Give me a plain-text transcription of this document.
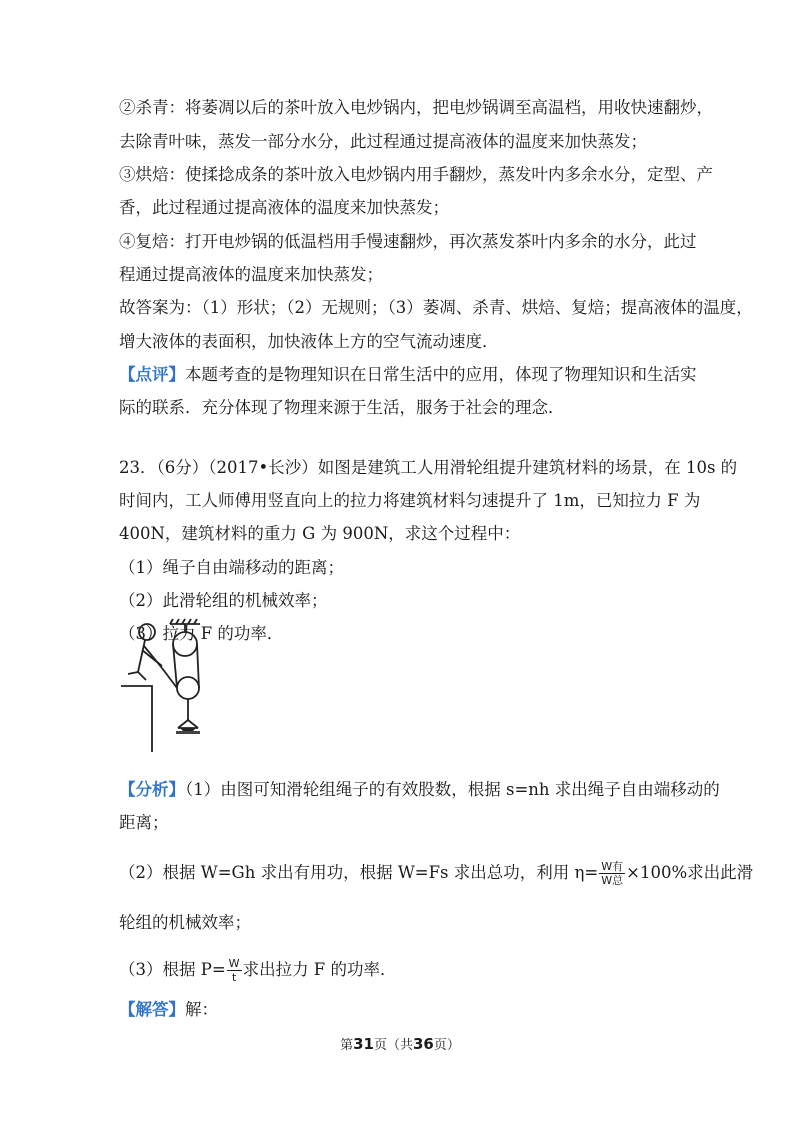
②杀青：将萎凋以后的茶叶放入电炒锅内，把电炒锅调至高温档，用收快速翻炒，
去除青叶味，蒸发一部分水分，此过程通过提高液体的温度来加快蒸发；
③烘焙：使揉捻成条的茶叶放入电炒锅内用手翻炒，蒸发叶内多余水分，定型、产
香，此过程通过提高液体的温度来加快蒸发；
④复焙：打开电炒锅的低温档用手慢速翻炒，再次蒸发茶叶内多余的水分，此过
程通过提高液体的温度来加快蒸发；
故答案为：（1）形状；（2）无规则；（3）萎凋、杀青、烘焙、复焙；提高液体的温度，
增大液体的表面积，加快液体上方的空气流动速度．
【点评】本题考查的是物理知识在日常生活中的应用，体现了物理知识和生活实
际的联系．充分体现了物理来源于生活，服务于社会的理念．
23．（6分）（2017•长沙）如图是建筑工人用滑轮组提升建筑材料的场景，在 10s 的
时间内，工人师傅用竖直向上的拉力将建筑材料匀速提升了 1m，已知拉力 F 为
400N，建筑材料的重力 G 为 900N，求这个过程中：
（1）绳子自由端移动的距离；
（2）此滑轮组的机械效率；
（3）拉力 F 的功率．
【分析】（1）由图可知滑轮组绳子的有效股数，根据 s=nh 求出绳子自由端移动的
距离；
（2）根据 W=Gh 求出有用功，根据 W=Fs 求出总功，利用 $\eta= \frac{\text{W有}}{\text{W总}} \times 100\%$求出此滑
轮组的机械效率；
（3）根据 $P= \frac{W}{t}$ 求出拉力 F 的功率．
【解答】解：
第31页（共36页）
